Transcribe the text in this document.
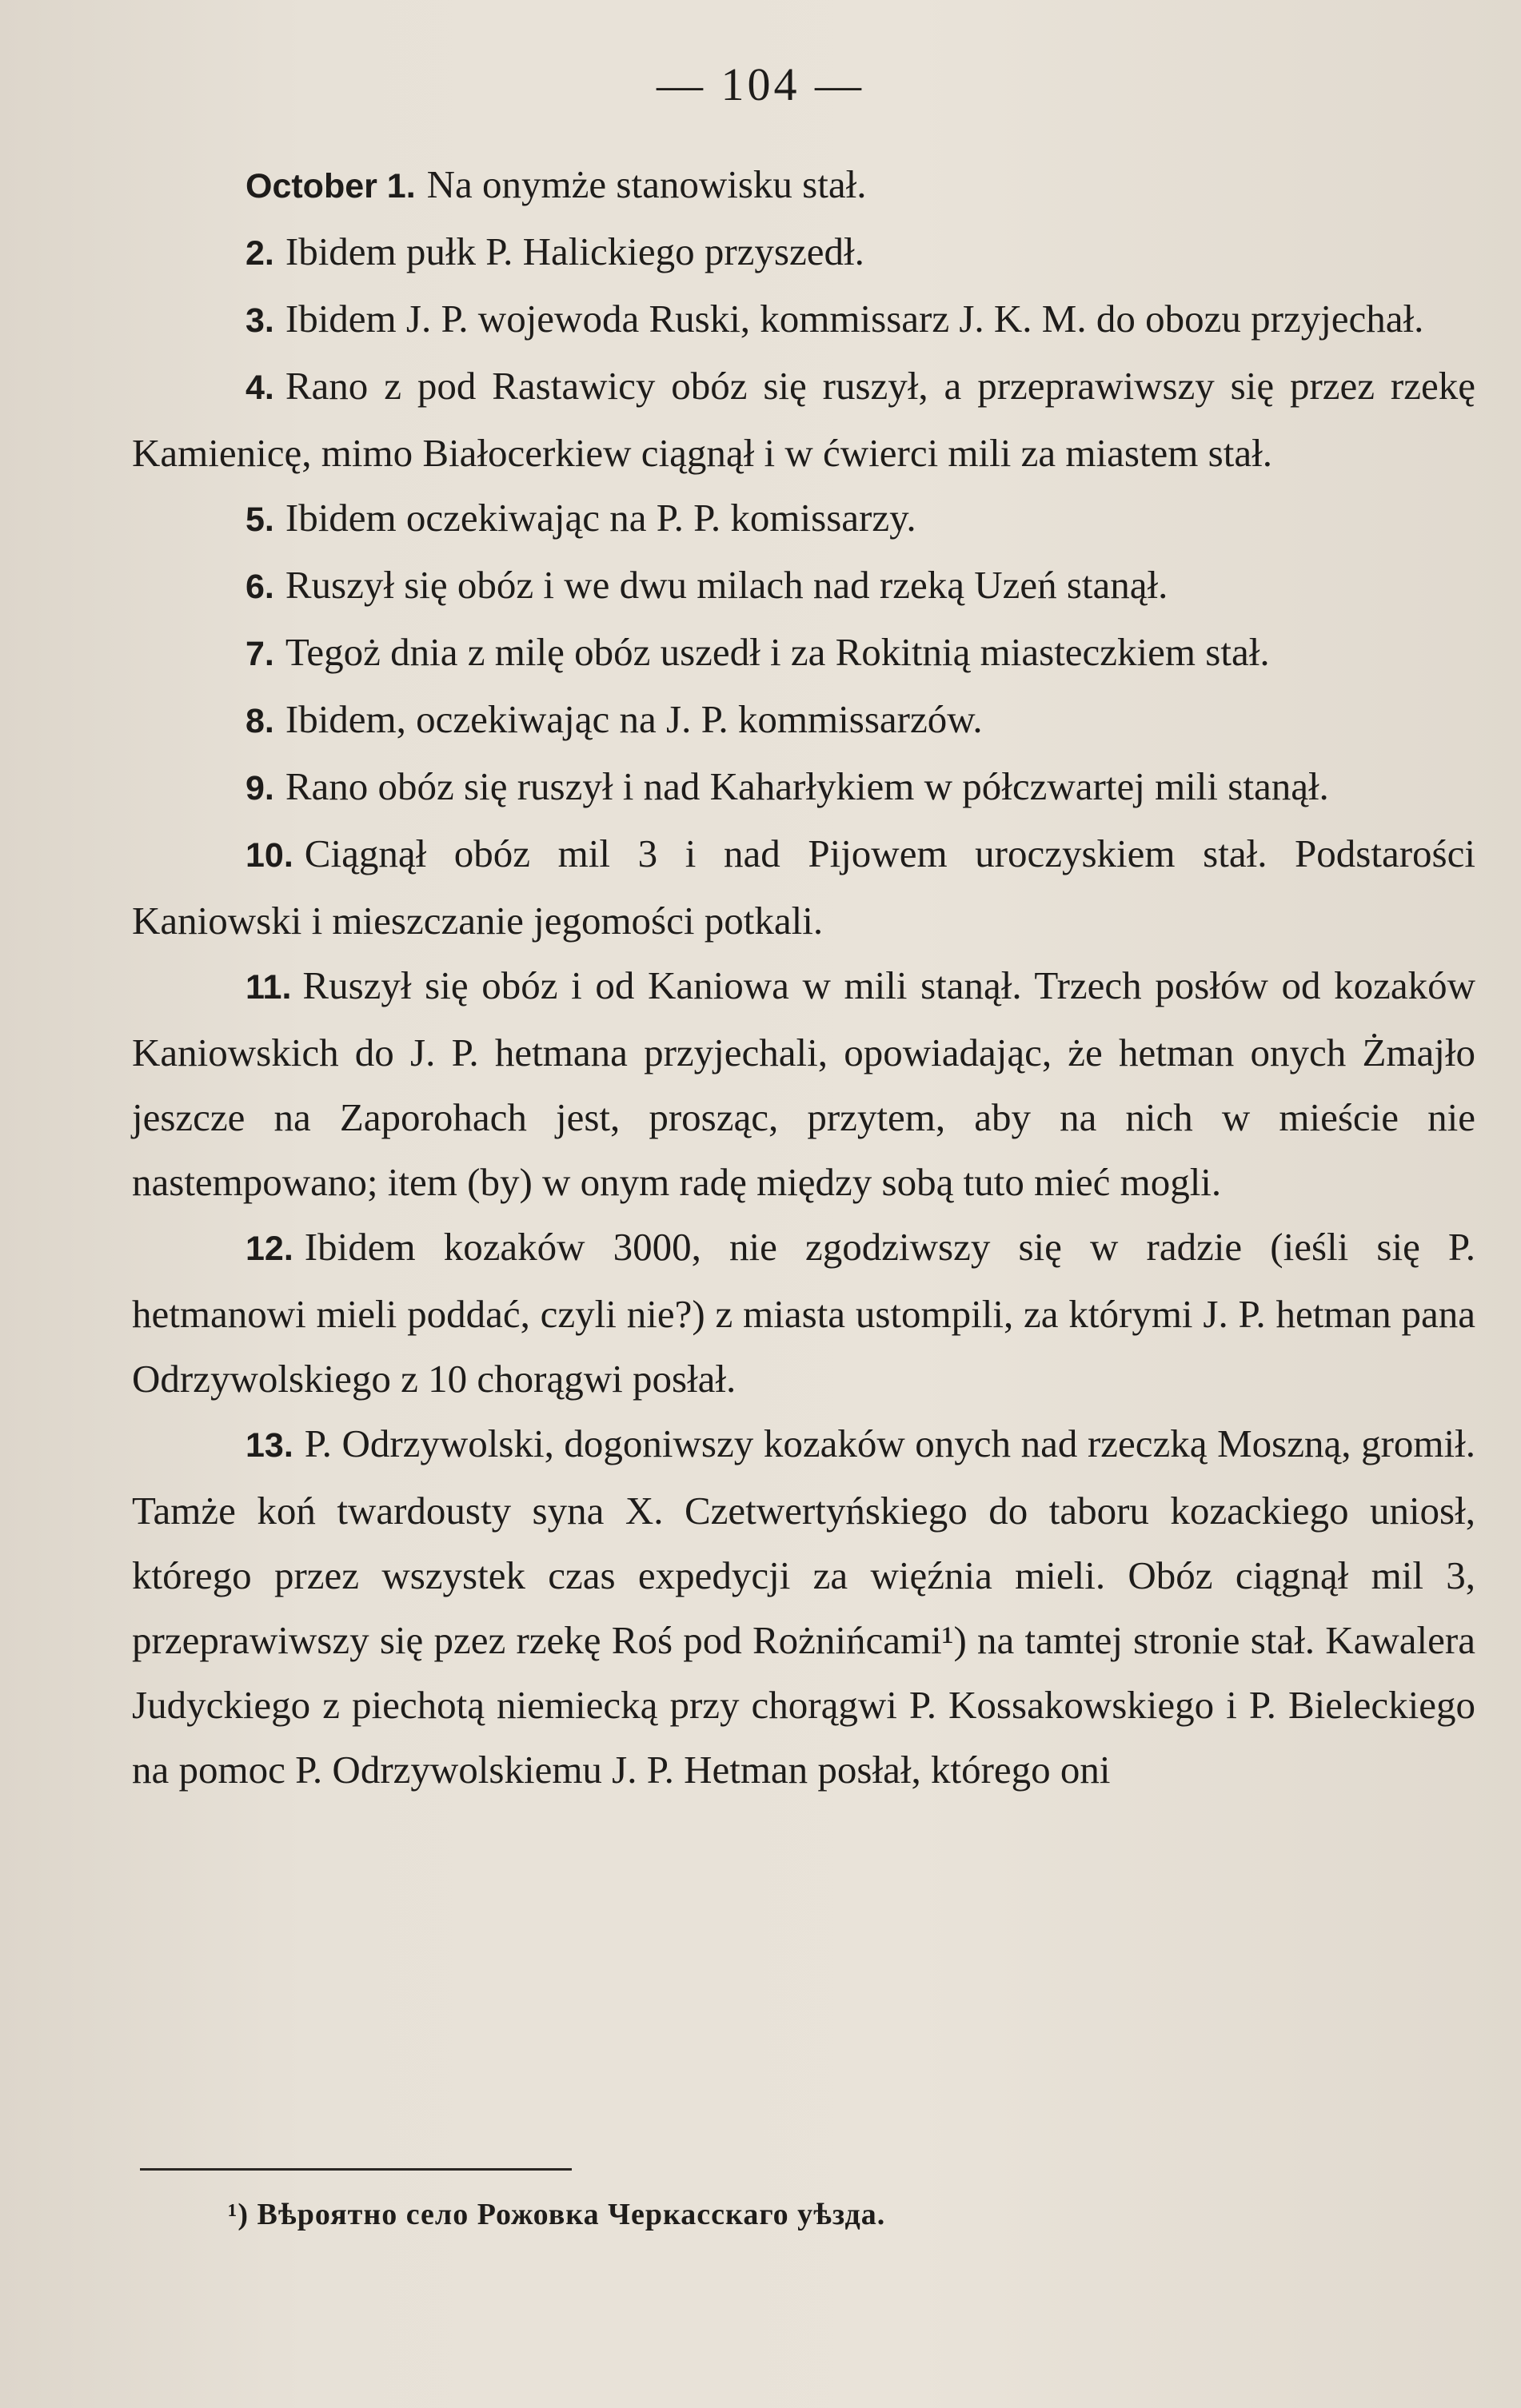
— 104 —

October 1. Na onymże stanowisku stał.

2. Ibidem pułk P. Halickiego przyszedł.

3. Ibidem J. P. wojewoda Ruski, kommissarz J. K. M. do obozu przyjechał.

4. Rano z pod Rastawicy obóz się ruszył, a przeprawiwszy się przez rzekę Kamienicę, mimo Białocerkiew ciągnął i w ćwierci mili za miastem stał.

5. Ibidem oczekiwając na P. P. komissarzy.

6. Ruszył się obóz i we dwu milach nad rzeką Uzeń stanął.

7. Tegoż dnia z milę obóz uszedł i za Rokitnią miasteczkiem stał.

8. Ibidem, oczekiwając na J. P. kommissarzów.

9. Rano obóz się ruszył i nad Kaharłykiem w półczwartej mili stanął.

10. Ciągnął obóz mil 3 i nad Pijowem uroczyskiem stał. Podstarości Kaniowski i mieszczanie jegomości potkali.

11. Ruszył się obóz i od Kaniowa w mili stanął. Trzech posłów od kozaków Kaniowskich do J. P. hetmana przyjechali, opowiadając, że hetman onych Żmajło jeszcze na Zaporohach jest, prosząc, przytem, aby na nich w mieście nie nastempowano; item (by) w onym radę między sobą tuto mieć mogli.

12. Ibidem kozaków 3000, nie zgodziwszy się w radzie (ieśli się P. hetmanowi mieli poddać, czyli nie?) z miasta ustompili, za którymi J. P. hetman pana Odrzywolskiego z 10 chorągwi posłał.

13. P. Odrzywolski, dogoniwszy kozaków onych nad rzeczką Moszną, gromił. Tamże koń twardousty syna X. Czetwertyńskiego do taboru kozackiego uniosł, którego przez wszystek czas expedycji za więźnia mieli. Obóz ciągnął mil 3, przeprawiwszy się pzez rzekę Roś pod Rożnińcami¹) na tamtej stronie stał. Kawalera Judyckiego z piechotą niemiecką przy chorągwi P. Kossakowskiego i P. Bieleckiego na pomoc P. Odrzywolskiemu J. P. Hetman posłał, którego oni

¹) Вѣроятно село Рожовка Черкасскаго уѣзда.
